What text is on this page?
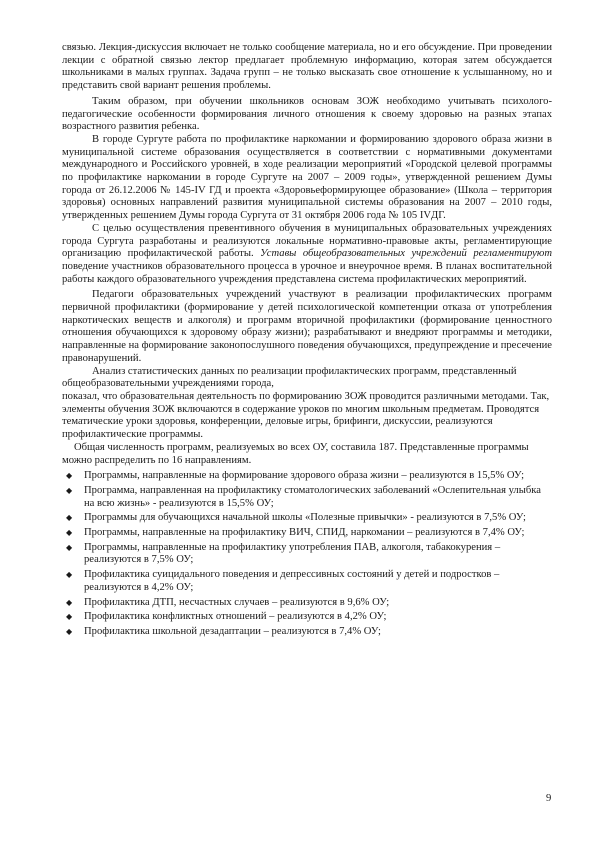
связью. Лекция-дискуссия включает не только сообщение материала, но и его обсуждение. При проведении лекции с обратной связью лектор предлагает проблемную информацию, которая затем обсуждается школьниками в малых группах. Задача групп – не только высказать свое отношение к услышанному, но и представить свой вариант решения проблемы.

Таким образом, при обучении школьников основам ЗОЖ необходимо учитывать психолого-педагогические особенности формирования личного отношения к своему здоровью на разных этапах возрастного развития ребенка.

В городе Сургуте работа по профилактике наркомании и формированию здорового образа жизни в муниципальной системе образования осуществляется в соответствии с нормативными документами международного и Российского уровней, в ходе реализации мероприятий «Городской целевой программы по профилактике наркомании в городе Сургуте на 2007 – 2009 годы», утвержденной решением Думы города от 26.12.2006 № 145-IV ГД и проекта «Здоровьеформирующее образование» (Школа – территория здоровья) основных направлений развития муниципальной системы образования на 2007 – 2010 годы, утвержденных решением Думы города Сургута от 31 октября 2006 года № 105 IVДГ.

С целью осуществления превентивного обучения в муниципальных образовательных учреждениях города Сургута разработаны и реализуются локальные нормативно-правовые акты, регламентирующие организацию профилактической работы. Уставы общеобразовательных учреждений регламентируют поведение участников образовательного процесса в урочное и внеурочное время. В планах воспитательной работы каждого образовательного учреждения представлена система профилактических мероприятий.

Педагоги образовательных учреждений участвуют в реализации профилактических программ первичной профилактики (формирование у детей психологической компетенции отказа от употребления наркотических веществ и алкоголя) и программ вторичной профилактики (формирование ценностного отношения обучающихся к здоровому образу жизни); разрабатывают и внедряют программы и методики, направленные на формирование законопослушного поведения обучающихся, предупреждение и пресечение правонарушений.

Анализ статистических данных по реализации профилактических программ, представленный общеобразовательными учреждениями города,

показал, что образовательная деятельность по формированию ЗОЖ проводится различными методами. Так, элементы обучения ЗОЖ включаются в содержание уроков по многим школьным предметам. Проводятся тематические уроки здоровья, конференции, деловые игры, брифинги, дискуссии, реализуются профилактические программы.

Общая численность программ, реализуемых во всех ОУ, составила 187. Представленные программы можно распределить по 16 направлениям.

◆ Программы, направленные на формирование здорового образа жизни – реализуются в 15,5% ОУ;
◆ Программа, направленная на профилактику стоматологических заболеваний «Ослепительная улыбка на всю жизнь» - реализуются в 15,5% ОУ;
◆ Программы для обучающихся начальной школы «Полезные привычки» - реализуются в 7,5% ОУ;
◆ Программы, направленные на профилактику ВИЧ, СПИД, наркомании – реализуются в 7,4% ОУ;
◆ Программы, направленные на профилактику употребления ПАВ, алкоголя, табакокурения – реализуются в 7,5% ОУ;
◆ Профилактика суицидального поведения и депрессивных состояний у детей и подростков – реализуются в 4,2% ОУ;
◆ Профилактика ДТП, несчастных случаев – реализуются в 9,6% ОУ;
◆ Профилактика конфликтных отношений – реализуются в 4,2% ОУ;
◆ Профилактика школьной дезадаптации – реализуются в 7,4% ОУ;
9
